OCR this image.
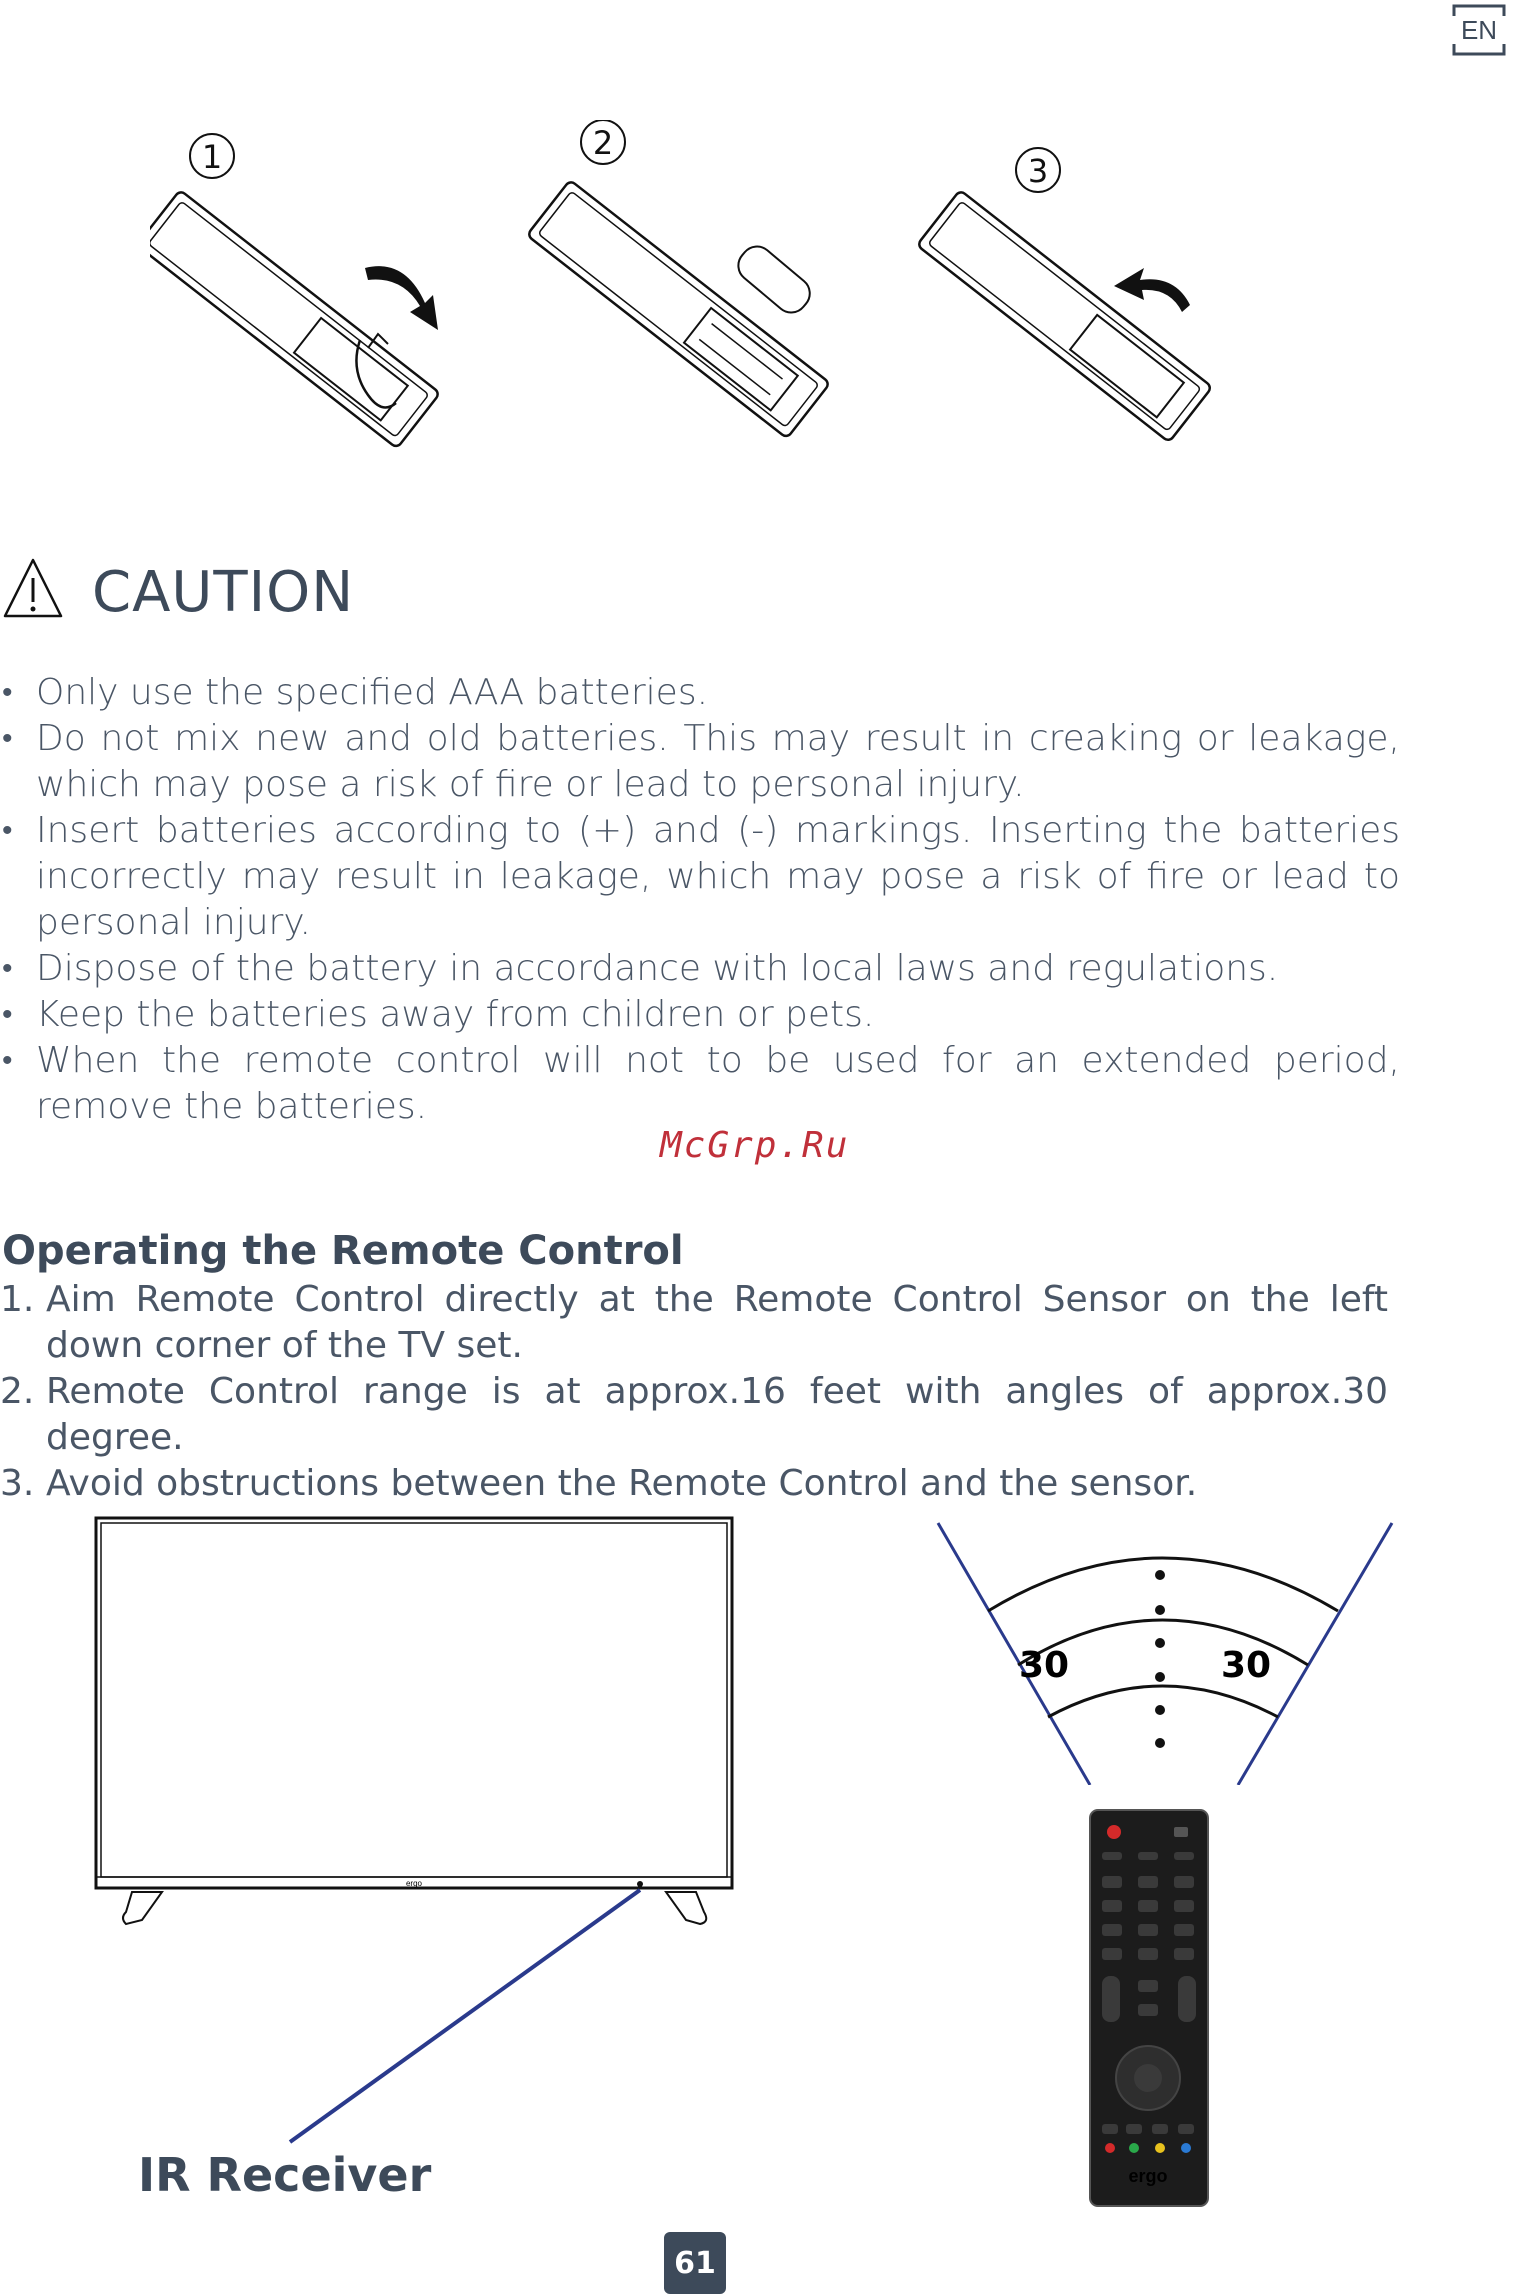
EN
1	2
3
CAUTION
• Only use the specified AAA batteries.
• Do not mix new and old batteries. This may result in creaking or leakage, which may pose a risk of fire or lead to personal injury.
• Insert batteries according to (+) and (-) markings. Inserting the batteries incorrectly may result in leakage, which may pose a risk of fire or lead to personal injury.
• Dispose of the battery in accordance with local laws and regulations.
• Keep the batteries away from children or pets.
• When the remote control will not to be used for an extended period, remove the batteries.
McGrp.Ru
Operating the Remote Control
1. Aim Remote Control directly at the Remote Control Sensor on the left down corner of the TV set.
2. Remote Control range is at approx.16 feet with angles of approx.30 degree.
3. Avoid obstructions between the Remote Control and the sensor.
ergo
IR Receiver
30	30
ergo
61
